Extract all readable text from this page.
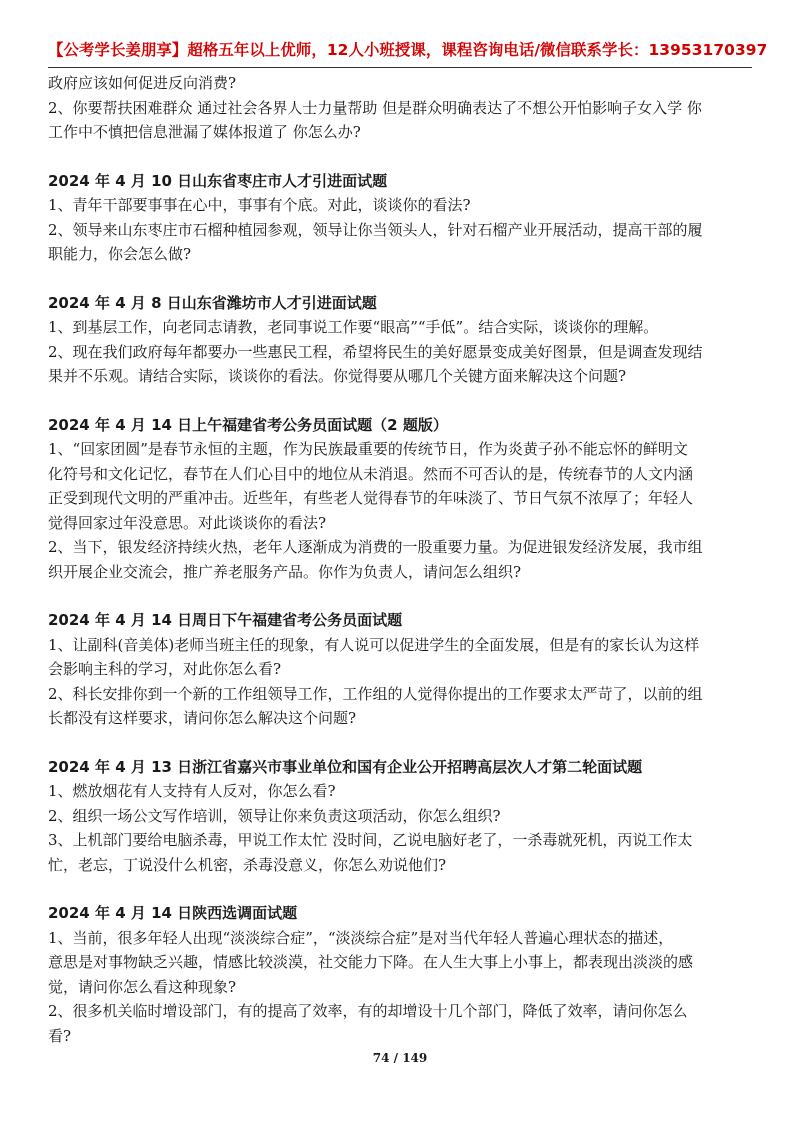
【公考学长姜朋享】超格五年以上优师，12人小班授课，课程咨询电话/微信联系学长：13953170397

政府应该如何促进反向消费?

2、你要帮扶困难群众 通过社会各界人士力量帮助 但是群众明确表达了不想公开怕影响子女入学 你

工作中不慎把信息泄漏了媒体报道了 你怎么办?

2024 年 4 月 10 日山东省枣庄市人才引进面试题

1、青年干部要事事在心中，事事有个底。对此，谈谈你的看法?

2、领导来山东枣庄市石榴种植园参观，领导让你当领头人，针对石榴产业开展活动，提高干部的履

职能力，你会怎么做?

2024 年 4 月 8 日山东省潍坊市人才引进面试题

1、到基层工作，向老同志请教，老同事说工作要“眼高”“手低”。结合实际，谈谈你的理解。

2、现在我们政府每年都要办一些惠民工程，希望将民生的美好愿景变成美好图景，但是调查发现结

果并不乐观。请结合实际，谈谈你的看法。你觉得要从哪几个关键方面来解决这个问题?

2024 年 4 月 14 日上午福建省考公务员面试题（2 题版）

1、“回家团圆”是春节永恒的主题，作为民族最重要的传统节日，作为炎黄子孙不能忘怀的鲜明文

化符号和文化记忆，春节在人们心目中的地位从未消退。然而不可否认的是，传统春节的人文内涵

正受到现代文明的严重冲击。近些年，有些老人觉得春节的年味淡了、节日气氛不浓厚了；年轻人

觉得回家过年没意思。对此谈谈你的看法?

2、当下，银发经济持续火热，老年人逐渐成为消费的一股重要力量。为促进银发经济发展，我市组

织开展企业交流会，推广养老服务产品。你作为负责人，请问怎么组织?

2024 年 4 月 14 日周日下午福建省考公务员面试题

1、让副科(音美体)老师当班主任的现象，有人说可以促进学生的全面发展，但是有的家长认为这样

会影响主科的学习，对此你怎么看?

2、科长安排你到一个新的工作组领导工作，工作组的人觉得你提出的工作要求太严苛了，以前的组

长都没有这样要求，请问你怎么解决这个问题?

2024 年 4 月 13 日浙江省嘉兴市事业单位和国有企业公开招聘高层次人才第二轮面试题

1、燃放烟花有人支持有人反对，你怎么看?

2、组织一场公文写作培训，领导让你来负责这项活动，你怎么组织?

3、上机部门要给电脑杀毒，甲说工作太忙 没时间，乙说电脑好老了，一杀毒就死机，丙说工作太

忙，老忘，丁说没什么机密，杀毒没意义，你怎么劝说他们?

2024 年 4 月 14 日陕西选调面试题

1、当前，很多年轻人出现“淡淡综合症”，“淡淡综合症”是对当代年轻人普遍心理状态的描述，

意思是对事物缺乏兴趣，情感比较淡漠，社交能力下降。在人生大事上小事上，都表现出淡淡的感

觉，请问你怎么看这种现象?

2、很多机关临时增设部门，有的提高了效率，有的却增设十几个部门，降低了效率，请问你怎么

看?

74 / 149
